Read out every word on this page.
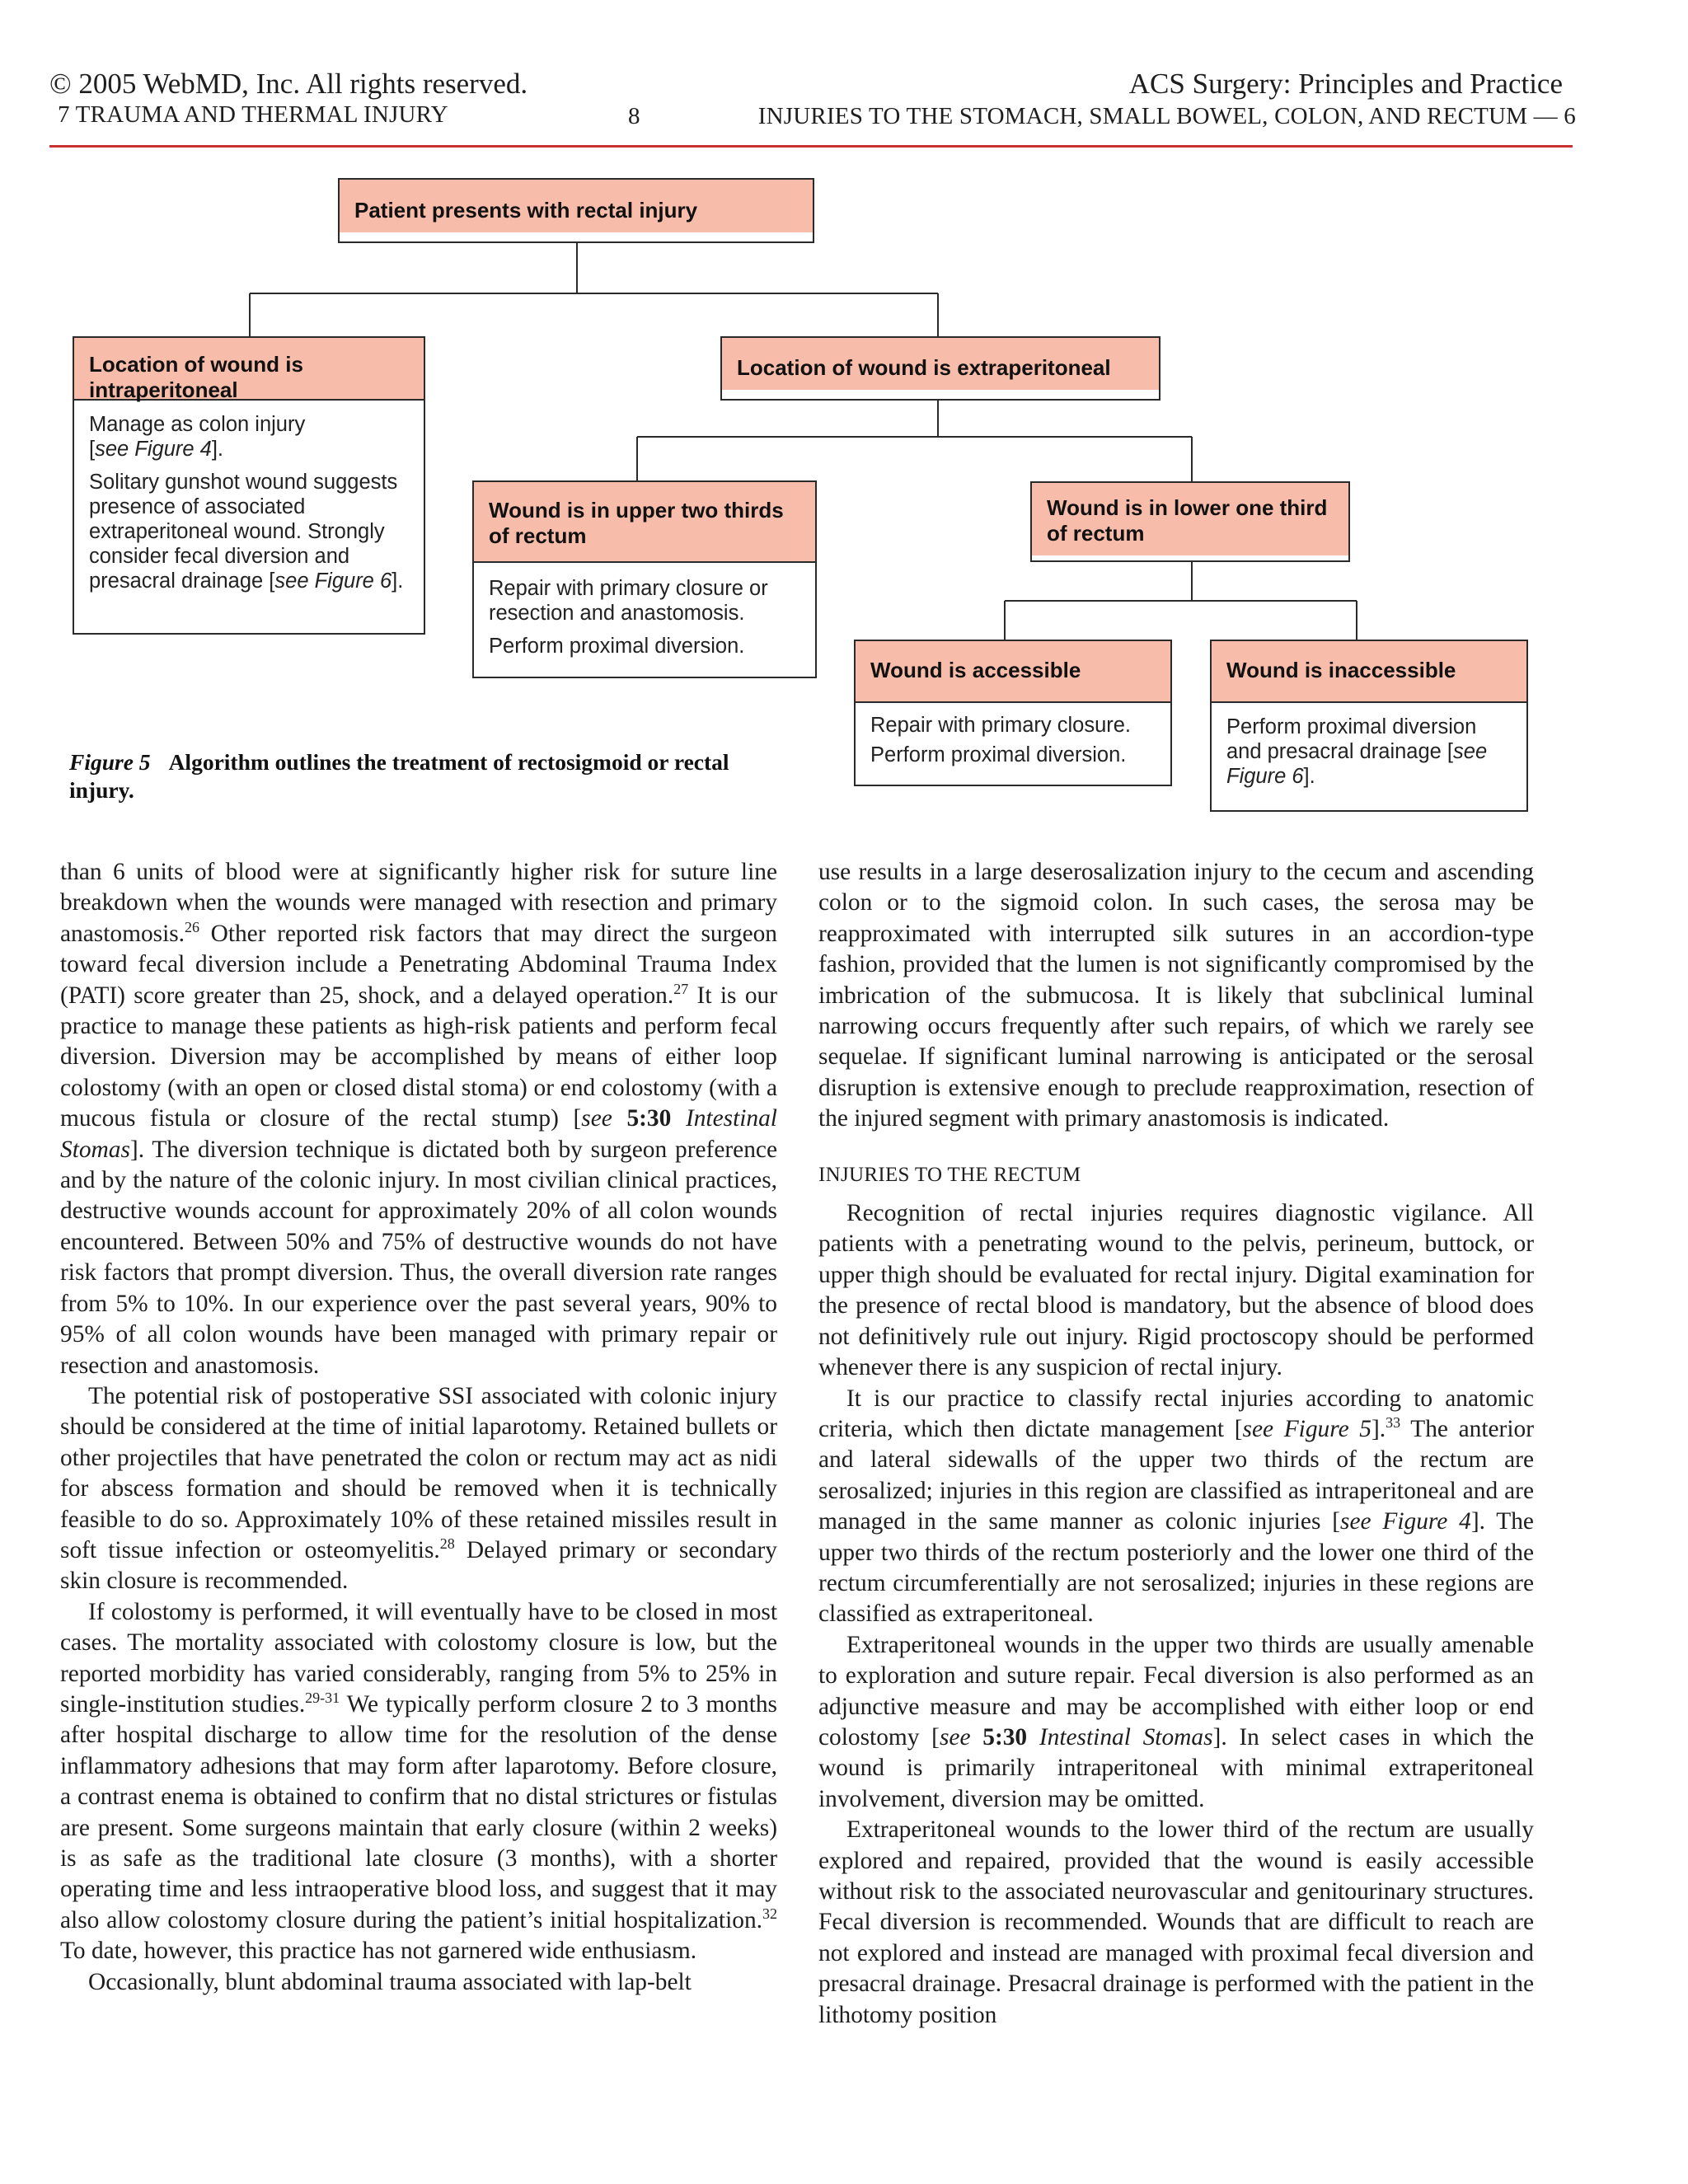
© 2005 WebMD, Inc. All rights reserved.	ACS Surgery: Principles and Practice
7 TRAUMA AND THERMAL INJURY	8	INJURIES TO THE STOMACH, SMALL BOWEL, COLON, AND RECTUM — 6
Patient presents with rectal injury
Location of wound is intraperitoneal

Manage as colon injury
[see Figure 4].

Solitary gunshot wound suggests presence of associated extraperitoneal wound. Strongly consider fecal diversion and presacral drainage [see Figure 6].

Location of wound is extraperitoneal
Wound is in upper two thirds of rectum

Repair with primary closure or resection and anastomosis.

Perform proximal diversion.

Wound is in lower one third of rectum
Wound is accessible

Repair with primary closure.

Perform proximal diversion.

Wound is inaccessible

Perform proximal diversion and presacral drainage [see Figure 6].

Figure 5 Algorithm outlines the treatment of rectosigmoid or rectal injury.

than 6 units of blood were at significantly higher risk for suture line breakdown when the wounds were managed with resection and primary anastomosis.$^{26}$ Other reported risk factors that may direct the surgeon toward fecal diversion include a Penetrating Abdominal Trauma Index (PATI) score greater than 25, shock, and a delayed operation.$^{27}$ It is our practice to manage these patients as high-risk patients and perform fecal diversion. Diversion may be accomplished by means of either loop colostomy (with an open or closed distal stoma) or end colostomy (with a mucous fistula or closure of the rectal stump) [see 5:30 Intestinal Stomas]. The diversion technique is dictated both by surgeon preference and by the nature of the colonic injury. In most civilian clinical practices, destructive wounds account for approximately 20% of all colon wounds encountered. Between 50% and 75% of destructive wounds do not have risk factors that prompt diversion. Thus, the overall diversion rate ranges from 5% to 10%. In our experience over the past several years, 90% to 95% of all colon wounds have been managed with primary repair or resection and anastomosis.

The potential risk of postoperative SSI associated with colonic injury should be considered at the time of initial laparotomy. Retained bullets or other projectiles that have penetrated the colon or rectum may act as nidi for abscess formation and should be removed when it is technically feasible to do so. Approximately 10% of these retained missiles result in soft tissue infection or osteomyelitis.$^{28}$ Delayed primary or secondary skin closure is recommended.

If colostomy is performed, it will eventually have to be closed in most cases. The mortality associated with colostomy closure is low, but the reported morbidity has varied considerably, ranging from 5% to 25% in single-institution studies.$^{29-31}$ We typically perform closure 2 to 3 months after hospital discharge to allow time for the resolution of the dense inflammatory adhesions that may form after laparotomy. Before closure, a contrast enema is obtained to confirm that no distal strictures or fistulas are present. Some surgeons maintain that early closure (within 2 weeks) is as safe as the traditional late closure (3 months), with a shorter operating time and less intraoperative blood loss, and suggest that it may also allow colostomy closure during the patient’s initial hospitalization.$^{32}$ To date, however, this practice has not garnered wide enthusiasm.

Occasionally, blunt abdominal trauma associated with lap-belt

use results in a large deserosalization injury to the cecum and ascending colon or to the sigmoid colon. In such cases, the serosa may be reapproximated with interrupted silk sutures in an accordion-type fashion, provided that the lumen is not significantly compromised by the imbrication of the submucosa. It is likely that subclinical luminal narrowing occurs frequently after such repairs, of which we rarely see sequelae. If significant luminal narrowing is anticipated or the serosal disruption is extensive enough to preclude reapproximation, resection of the injured segment with primary anastomosis is indicated.

INJURIES TO THE RECTUM

Recognition of rectal injuries requires diagnostic vigilance. All patients with a penetrating wound to the pelvis, perineum, buttock, or upper thigh should be evaluated for rectal injury. Digital examination for the presence of rectal blood is mandatory, but the absence of blood does not definitively rule out injury. Rigid proctoscopy should be performed whenever there is any suspicion of rectal injury.

It is our practice to classify rectal injuries according to anatomic criteria, which then dictate management [see Figure 5].$^{33}$ The anterior and lateral sidewalls of the upper two thirds of the rectum are serosalized; injuries in this region are classified as intraperitoneal and are managed in the same manner as colonic injuries [see Figure 4]. The upper two thirds of the rectum posteriorly and the lower one third of the rectum circumferentially are not serosalized; injuries in these regions are classified as extraperitoneal.

Extraperitoneal wounds in the upper two thirds are usually amenable to exploration and suture repair. Fecal diversion is also performed as an adjunctive measure and may be accomplished with either loop or end colostomy [see 5:30 Intestinal Stomas]. In select cases in which the wound is primarily intraperitoneal with minimal extraperitoneal involvement, diversion may be omitted.

Extraperitoneal wounds to the lower third of the rectum are usually explored and repaired, provided that the wound is easily accessible without risk to the associated neurovascular and genitourinary structures. Fecal diversion is recommended. Wounds that are difficult to reach are not explored and instead are managed with proximal fecal diversion and presacral drainage. Presacral drainage is performed with the patient in the lithotomy position
